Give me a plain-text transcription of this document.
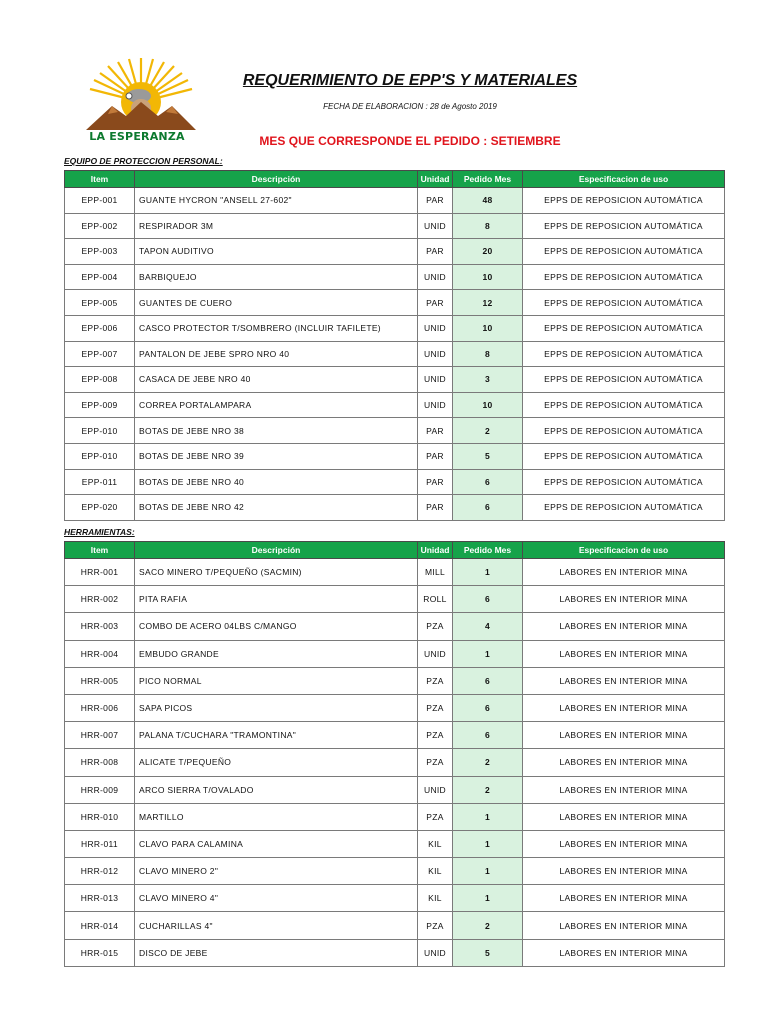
LA ESPERANZA
REQUERIMIENTO DE EPP'S Y MATERIALES
FECHA DE ELABORACION : 28 de Agosto 2019
MES QUE CORRESPONDE EL PEDIDO : SETIEMBRE
EQUIPO DE PROTECCION PERSONAL:
Item	Descripción	Unidad	Pedido Mes	Especificacion de uso
EPP-001	GUANTE HYCRON "ANSELL 27-602"	PAR	48	EPPS DE REPOSICION AUTOMÁTICA
EPP-002	RESPIRADOR 3M	UNID	8	EPPS DE REPOSICION AUTOMÁTICA
EPP-003	TAPON AUDITIVO	PAR	20	EPPS DE REPOSICION AUTOMÁTICA
EPP-004	BARBIQUEJO	UNID	10	EPPS DE REPOSICION AUTOMÁTICA
EPP-005	GUANTES DE CUERO	PAR	12	EPPS DE REPOSICION AUTOMÁTICA
EPP-006	CASCO PROTECTOR T/SOMBRERO (INCLUIR TAFILETE)	UNID	10	EPPS DE REPOSICION AUTOMÁTICA
EPP-007	PANTALON DE JEBE SPRO NRO 40	UNID	8	EPPS DE REPOSICION AUTOMÁTICA
EPP-008	CASACA DE JEBE NRO 40	UNID	3	EPPS DE REPOSICION AUTOMÁTICA
EPP-009	CORREA PORTALAMPARA	UNID	10	EPPS DE REPOSICION AUTOMÁTICA
EPP-010	BOTAS DE JEBE NRO 38	PAR	2	EPPS DE REPOSICION AUTOMÁTICA
EPP-010	BOTAS DE JEBE NRO 39	PAR	5	EPPS DE REPOSICION AUTOMÁTICA
EPP-011	BOTAS DE JEBE NRO 40	PAR	6	EPPS DE REPOSICION AUTOMÁTICA
EPP-020	BOTAS DE JEBE NRO 42	PAR	6	EPPS DE REPOSICION AUTOMÁTICA
HERRAMIENTAS:
Item	Descripción	Unidad	Pedido Mes	Especificacion de uso
HRR-001	SACO MINERO T/PEQUEÑO (SACMIN)	MILL	1	LABORES EN INTERIOR MINA
HRR-002	PITA RAFIA	ROLL	6	LABORES EN INTERIOR MINA
HRR-003	COMBO DE ACERO 04LBS C/MANGO	PZA	4	LABORES EN INTERIOR MINA
HRR-004	EMBUDO GRANDE	UNID	1	LABORES EN INTERIOR MINA
HRR-005	PICO NORMAL	PZA	6	LABORES EN INTERIOR MINA
HRR-006	SAPA PICOS	PZA	6	LABORES EN INTERIOR MINA
HRR-007	PALANA T/CUCHARA "TRAMONTINA"	PZA	6	LABORES EN INTERIOR MINA
HRR-008	ALICATE T/PEQUEÑO	PZA	2	LABORES EN INTERIOR MINA
HRR-009	ARCO SIERRA T/OVALADO	UNID	2	LABORES EN INTERIOR MINA
HRR-010	MARTILLO	PZA	1	LABORES EN INTERIOR MINA
HRR-011	CLAVO PARA CALAMINA	KIL	1	LABORES EN INTERIOR MINA
HRR-012	CLAVO MINERO 2"	KIL	1	LABORES EN INTERIOR MINA
HRR-013	CLAVO MINERO 4"	KIL	1	LABORES EN INTERIOR MINA
HRR-014	CUCHARILLAS 4"	PZA	2	LABORES EN INTERIOR MINA
HRR-015	DISCO DE JEBE	UNID	5	LABORES EN INTERIOR MINA
